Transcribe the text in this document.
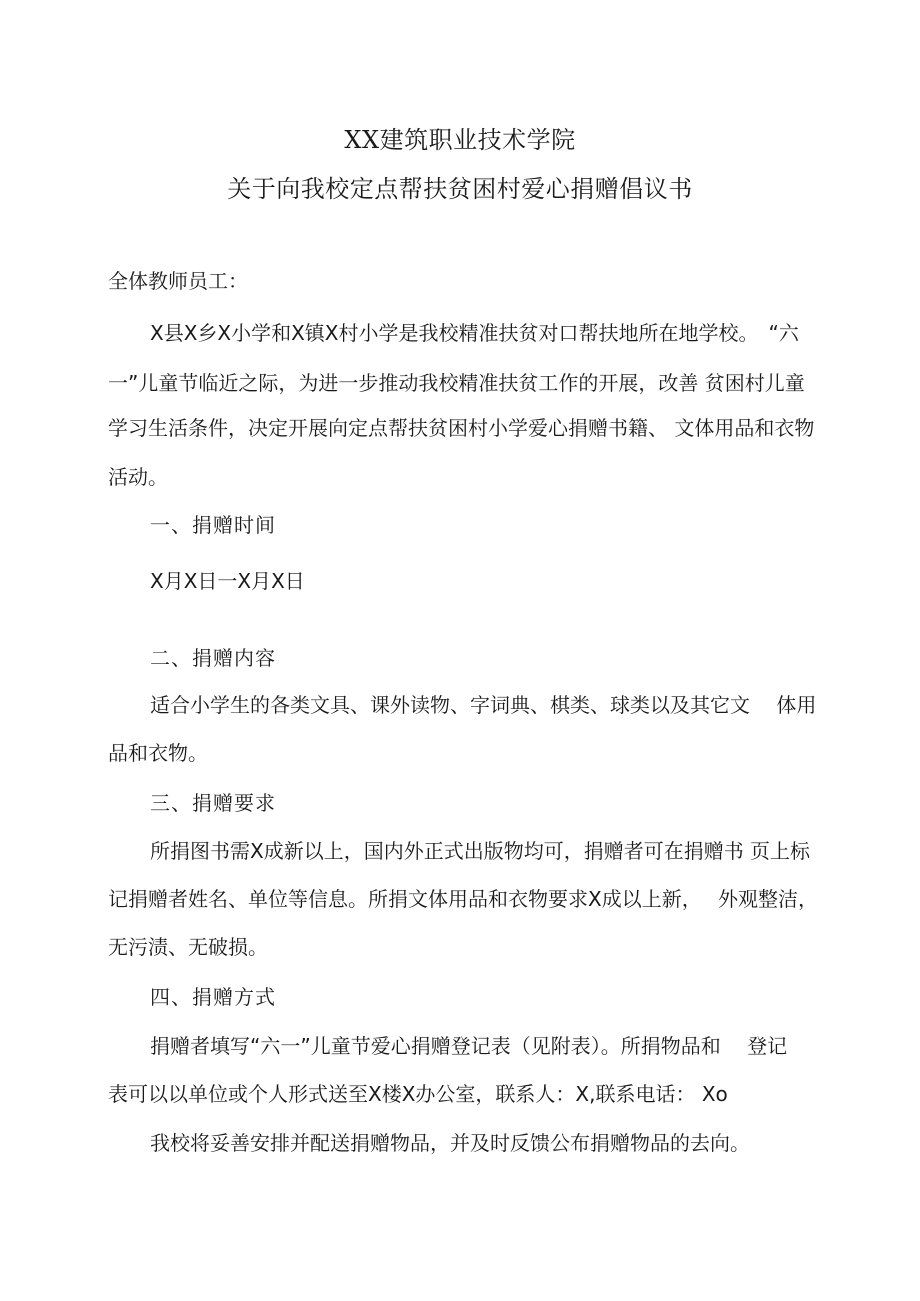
XX建筑职业技术学院
关于向我校定点帮扶贫困村爱心捐赠倡议书
全体教师员工：
X县X乡X小学和X镇X村小学是我校精准扶贫对口帮扶地所在地学校。　“六
一”儿童节临近之际，为进一步推动我校精准扶贫工作的开展，改善 贫困村儿童
学习生活条件，决定开展向定点帮扶贫困村小学爱心捐赠书籍、 文体用品和衣物
活动。
一、捐赠时间
X月X日一X月X日
二、捐赠内容
适合小学生的各类文具、课外读物、字词典、棋类、球类以及其它文　 体用
品和衣物。
三、捐赠要求
所捐图书需X成新以上，国内外正式出版物均可，捐赠者可在捐赠书 页上标
记捐赠者姓名、单位等信息。所捐文体用品和衣物要求X成以上新，　 外观整洁，
无污渍、无破损。
四、捐赠方式
捐赠者填写“六一”儿童节爱心捐赠登记表（见附表）。所捐物品和　 登记
表可以以单位或个人形式送至X楼X办公室，联系人：X,联系电话： Xo
我校将妥善安排并配送捐赠物品，并及时反馈公布捐赠物品的去向。
